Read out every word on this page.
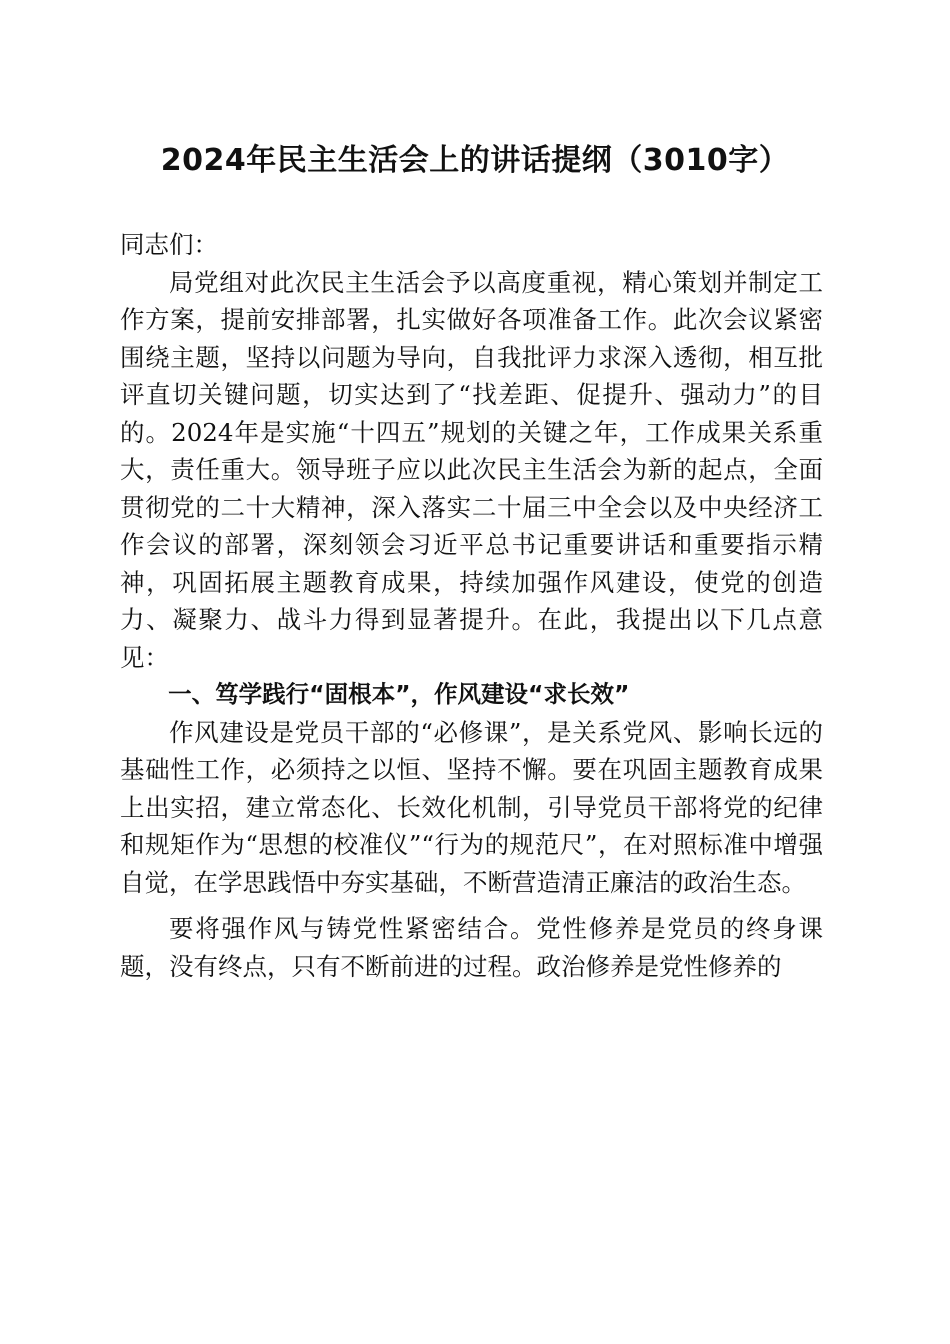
2024年民主生活会上的讲话提纲（3010字）

同志们：

局党组对此次民主生活会予以高度重视，精心策划并制定工作方案，提前安排部署，扎实做好各项准备工作。此次会议紧密围绕主题，坚持以问题为导向，自我批评力求深入透彻，相互批评直切关键问题，切实达到了“找差距、促提升、强动力”的目的。2024年是实施“十四五”规划的关键之年，工作成果关系重大，责任重大。领导班子应以此次民主生活会为新的起点，全面贯彻党的二十大精神，深入落实二十届三中全会以及中央经济工作会议的部署，深刻领会习近平总书记重要讲话和重要指示精神，巩固拓展主题教育成果，持续加强作风建设，使党的创造力、凝聚力、战斗力得到显著提升。在此，我提出以下几点意见：

一、笃学践行“固根本”，作风建设“求长效”

作风建设是党员干部的“必修课”，是关系党风、影响长远的基础性工作，必须持之以恒、坚持不懈。要在巩固主题教育成果上出实招，建立常态化、长效化机制，引导党员干部将党的纪律和规矩作为“思想的校准仪”“行为的规范尺”，在对照标准中增强自觉，在学思践悟中夯实基础，不断营造清正廉洁的政治生态。

要将强作风与铸党性紧密结合。党性修养是党员的终身课题，没有终点，只有不断前进的过程。政治修养是党性修养的
